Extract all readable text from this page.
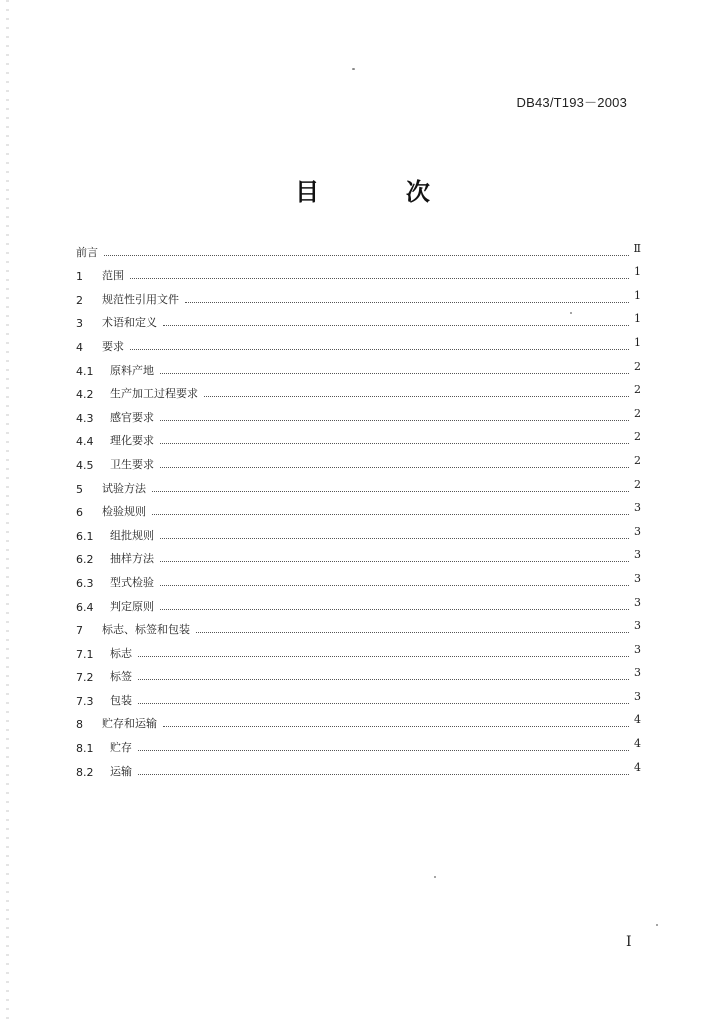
DB43/T193－2003
目	次
前言	Ⅱ
1	范围	1
2	规范性引用文件	1
3	术语和定义	1
4	要求	1
4.1	原料产地	2
4.2	生产加工过程要求	2
4.3	感官要求	2
4.4	理化要求	2
4.5	卫生要求	2
5	试验方法	2
6	检验规则	3
6.1	组批规则	3
6.2	抽样方法	3
6.3	型式检验	3
6.4	判定原则	3
7	标志、标签和包装	3
7.1	标志	3
7.2	标签	3
7.3	包装	3
8	贮存和运输	4
8.1	贮存	4
8.2	运输	4
I
